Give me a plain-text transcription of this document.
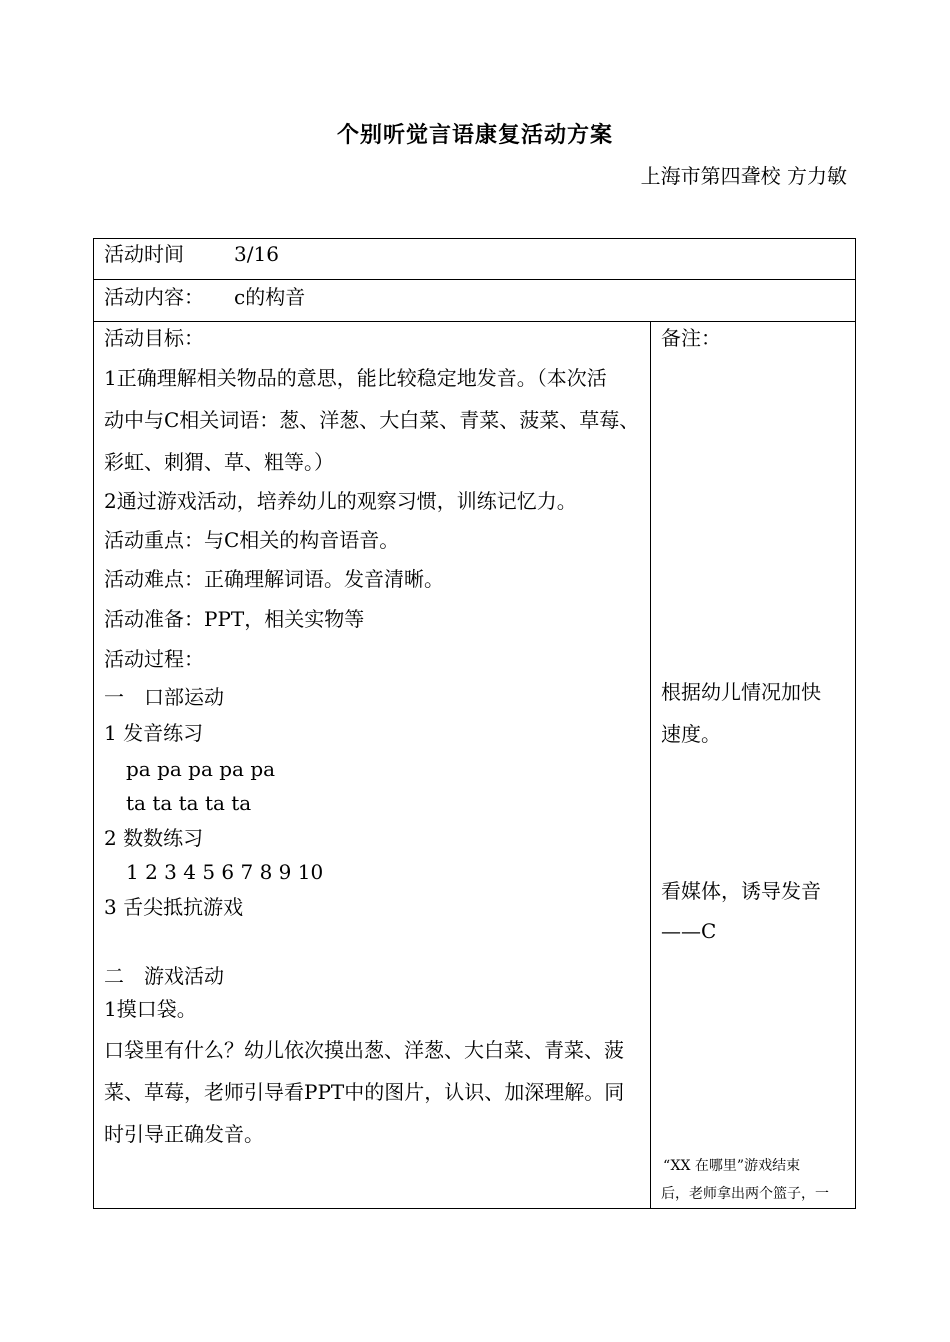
个别听觉言语康复活动方案
上海市第四聋校 方力敏
活动时间	3/16
活动内容： c的构音
活动目标：
1正确理解相关物品的意思，能比较稳定地发音。（本次活
动中与C相关词语：葱、洋葱、大白菜、青菜、菠菜、草莓、
彩虹、刺猬、草、粗等。）
2通过游戏活动，培养幼儿的观察习惯，训练记忆力。
活动重点：与C相关的构音语音。
活动难点：正确理解词语。发音清晰。
活动准备：PPT，相关实物等
活动过程：
一　口部运动
1 发音练习
pa pa pa pa pa
ta ta ta ta ta
2 数数练习
1 2 3 4 5 6 7 8 9 10
3 舌尖抵抗游戏
二　游戏活动
1摸口袋。
口袋里有什么？幼儿依次摸出葱、洋葱、大白菜、青菜、菠
菜、草莓，老师引导看PPT中的图片，认识、加深理解。同
时引导正确发音。
备注：
根据幼儿情况加快
速度。
看媒体，诱导发音
——C
“XX 在哪里”游戏结束
后，老师拿出两个篮子，一
